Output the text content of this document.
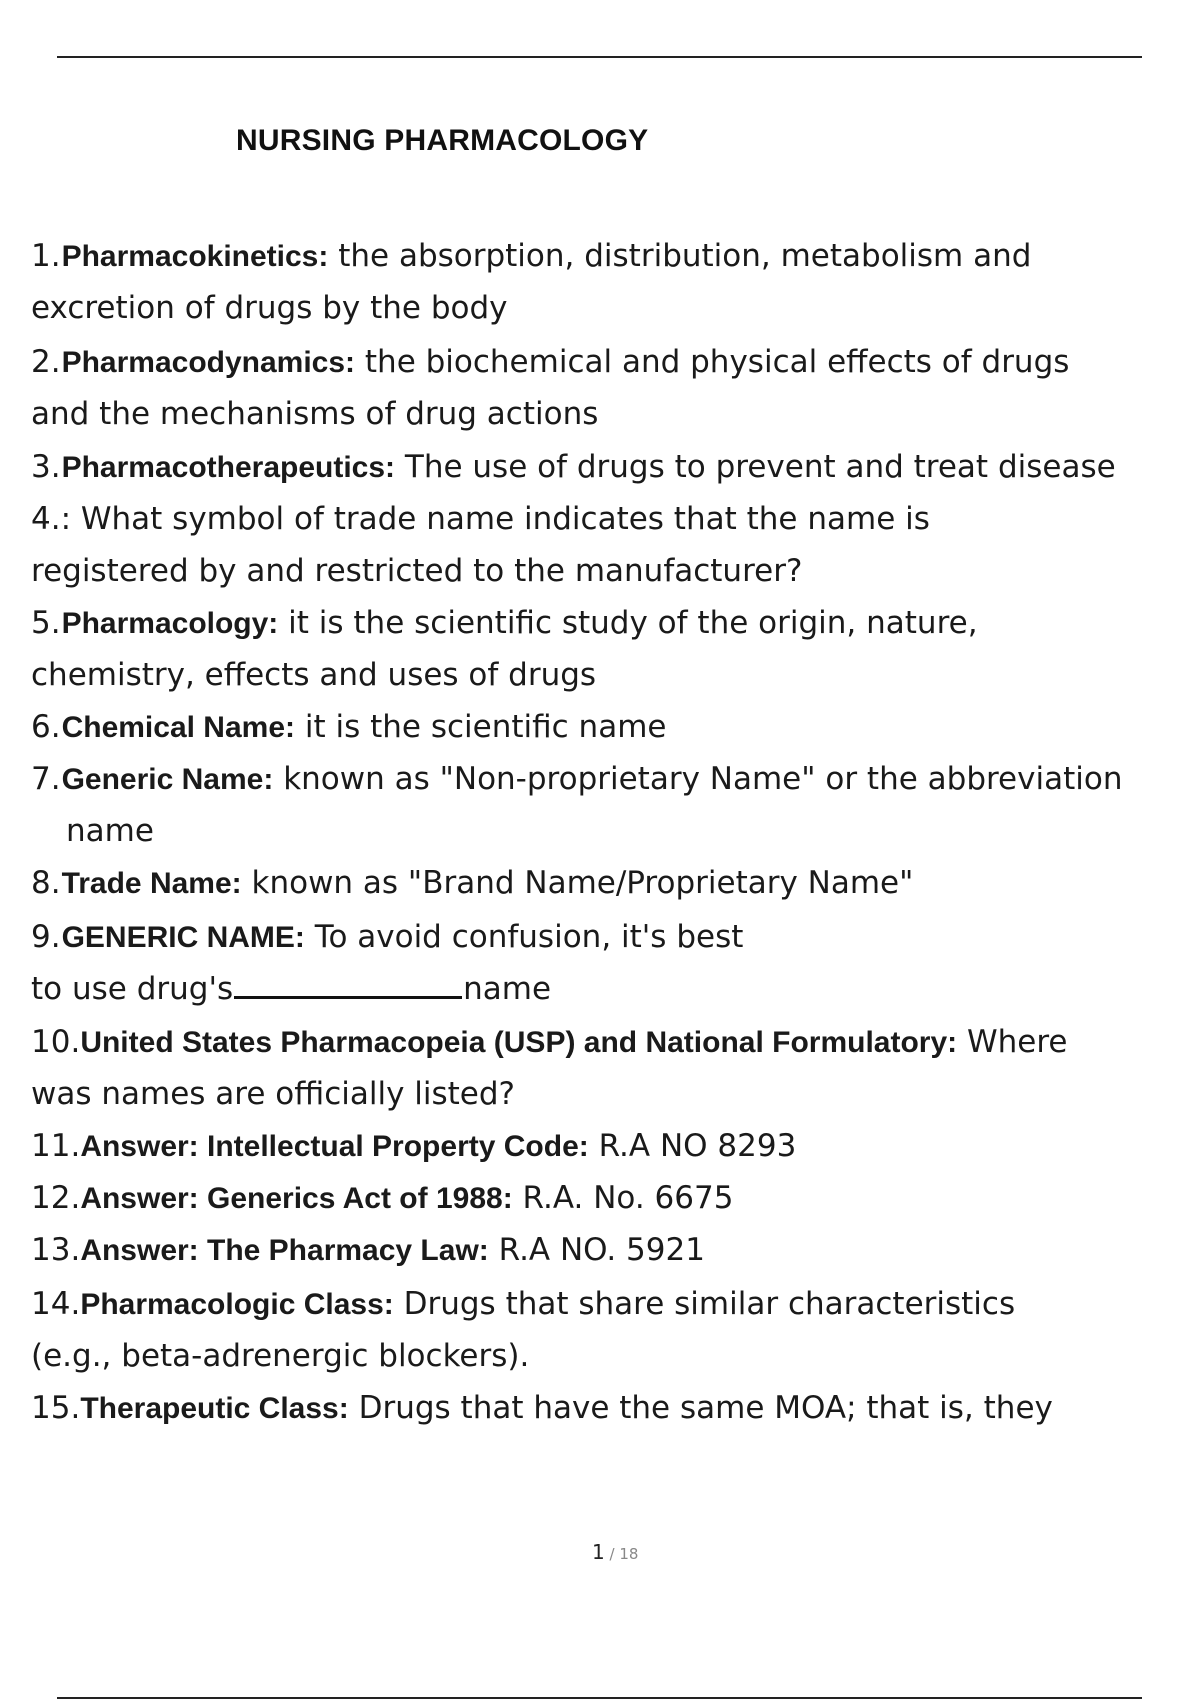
NURSING PHARMACOLOGY
1.Pharmacokinetics: the absorption, distribution, metabolism and
excretion of drugs by the body
2.Pharmacodynamics: the biochemical and physical effects of drugs
and the mechanisms of drug actions
3.Pharmacotherapeutics: The use of drugs to prevent and treat disease
4.: What symbol of trade name indicates that the name is
registered by and restricted to the manufacturer?
5.Pharmacology: it is the scientific study of the origin, nature,
chemistry, effects and uses of drugs
6.Chemical Name: it is the scientific name
7.Generic Name: known as "Non-proprietary Name" or the abbreviation
name
8.Trade Name: known as "Brand Name/Proprietary Name"
9.GENERIC NAME: To avoid confusion, it's best
to use drug's	name
10.United States Pharmacopeia (USP) and National Formulatory: Where
was names are officially listed?
11.Answer: Intellectual Property Code: R.A NO 8293
12.Answer: Generics Act of 1988: R.A. No. 6675
13.Answer: The Pharmacy Law: R.A NO. 5921
14.Pharmacologic Class: Drugs that share similar characteristics
(e.g., beta-adrenergic blockers).
15.Therapeutic Class: Drugs that have the same MOA; that is, they
1 / 18
